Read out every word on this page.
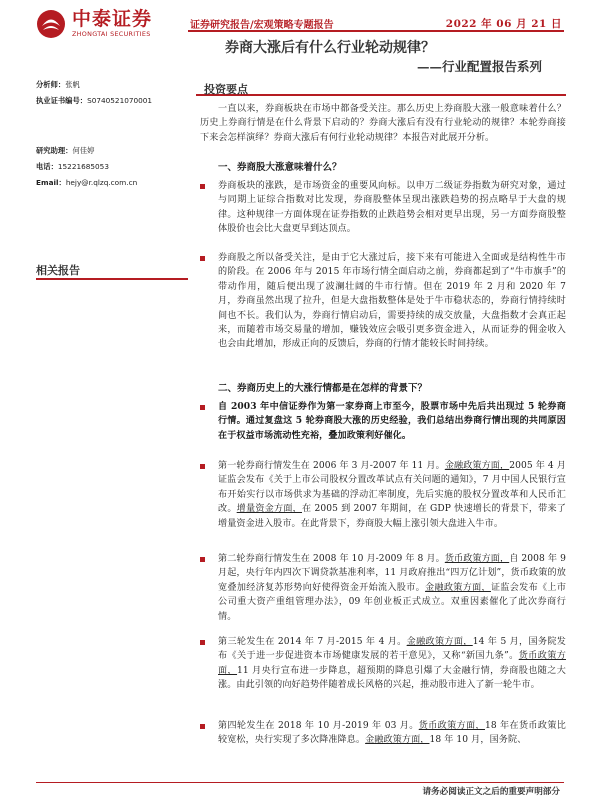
中泰证券
ZHONGTAI SECURITIES
证券研究报告/宏观策略专题报告	2022 年 06 月 21 日
券商大涨后有什么行业轮动规律？
——行业配置报告系列
分析师：张帆
执业证书编号：S0740521070001
研究助理：何佳婷
电话：15221685053
Email：hejy@r.qlzq.com.cn
相关报告
投资要点
一直以来，券商板块在市场中都备受关注。那么历史上券商股大涨一般意味着什么？历史上券商行情是在什么背景下启动的？券商大涨后有没有行业轮动的规律？本轮券商接下来会怎样演绎？券商大涨后有何行业轮动规律？本报告对此展开分析。
一、券商股大涨意味着什么？
券商板块的涨跌，是市场资金的重要风向标。以申万二级证券指数为研究对象，通过与同期上证综合指数对比发现，券商股整体呈现出涨跌趋势的拐点略早于大盘的规律。这种规律一方面体现在证券指数的止跌趋势会相对更早出现，另一方面券商股整体股价也会比大盘更早到达顶点。
券商股之所以备受关注，是由于它大涨过后，接下来有可能进入全面或是结构性牛市的阶段。在 2006 年与 2015 年市场行情全面启动之前，券商都起到了“牛市旗手”的带动作用，随后便出现了波澜壮阔的牛市行情。但在 2019 年 2 月和 2020 年 7 月，券商虽然出现了拉升，但是大盘指数整体是处于牛市稳状态的，券商行情持续时间也不长。我们认为，券商行情启动后，需要持续的成交放量，大盘指数才会真正起来，而随着市场交易量的增加，赚钱效应会吸引更多资金进入，从而证券的佣金收入也会由此增加，形成正向的反馈后，券商的行情才能较长时间持续。
二、券商历史上的大涨行情都是在怎样的背景下？
自 2003 年中信证券作为第一家券商上市至今，股票市场中先后共出现过 5 轮券商行情。通过复盘这 5 轮券商股大涨的历史经验，我们总结出券商行情出现的共同原因在于权益市场流动性充裕，叠加政策利好催化。
第一轮券商行情发生在 2006 年 3 月-2007 年 11 月。金融政策方面，2005 年 4 月证监会发布《关于上市公司股权分置改革试点有关问题的通知》，7 月中国人民银行宣布开始实行以市场供求为基础的浮动汇率制度，先后实施的股权分置改革和人民币汇改。增量资金方面，在 2005 到 2007 年期间，在 GDP 快速增长的背景下，带来了增量资金进入股市。在此背景下，券商股大幅上涨引领大盘进入牛市。
第二轮券商行情发生在 2008 年 10 月-2009 年 8 月。货币政策方面，自 2008 年 9 月起，央行年内四次下调贷款基准利率，11 月政府推出“四万亿计划”，货币政策的放宽叠加经济复苏形势向好使得资金开始流入股市。金融政策方面，证监会发布《上市公司重大资产重组管理办法》，09 年创业板正式成立。双重因素催化了此次券商行情。
第三轮发生在 2014 年 7 月-2015 年 4 月。金融政策方面，14 年 5 月，国务院发布《关于进一步促进资本市场健康发展的若干意见》，又称“新国九条”。货币政策方面，11 月央行宣布进一步降息，超预期的降息引爆了大金融行情，券商股也随之大涨。由此引领的向好趋势伴随着成长风格的兴起，推动股市进入了新一轮牛市。
第四轮发生在 2018 年 10 月-2019 年 03 月。货币政策方面，18 年在货币政策比较宽松，央行实现了多次降准降息。金融政策方面，18 年 10 月，国务院、
请务必阅读正文之后的重要声明部分
